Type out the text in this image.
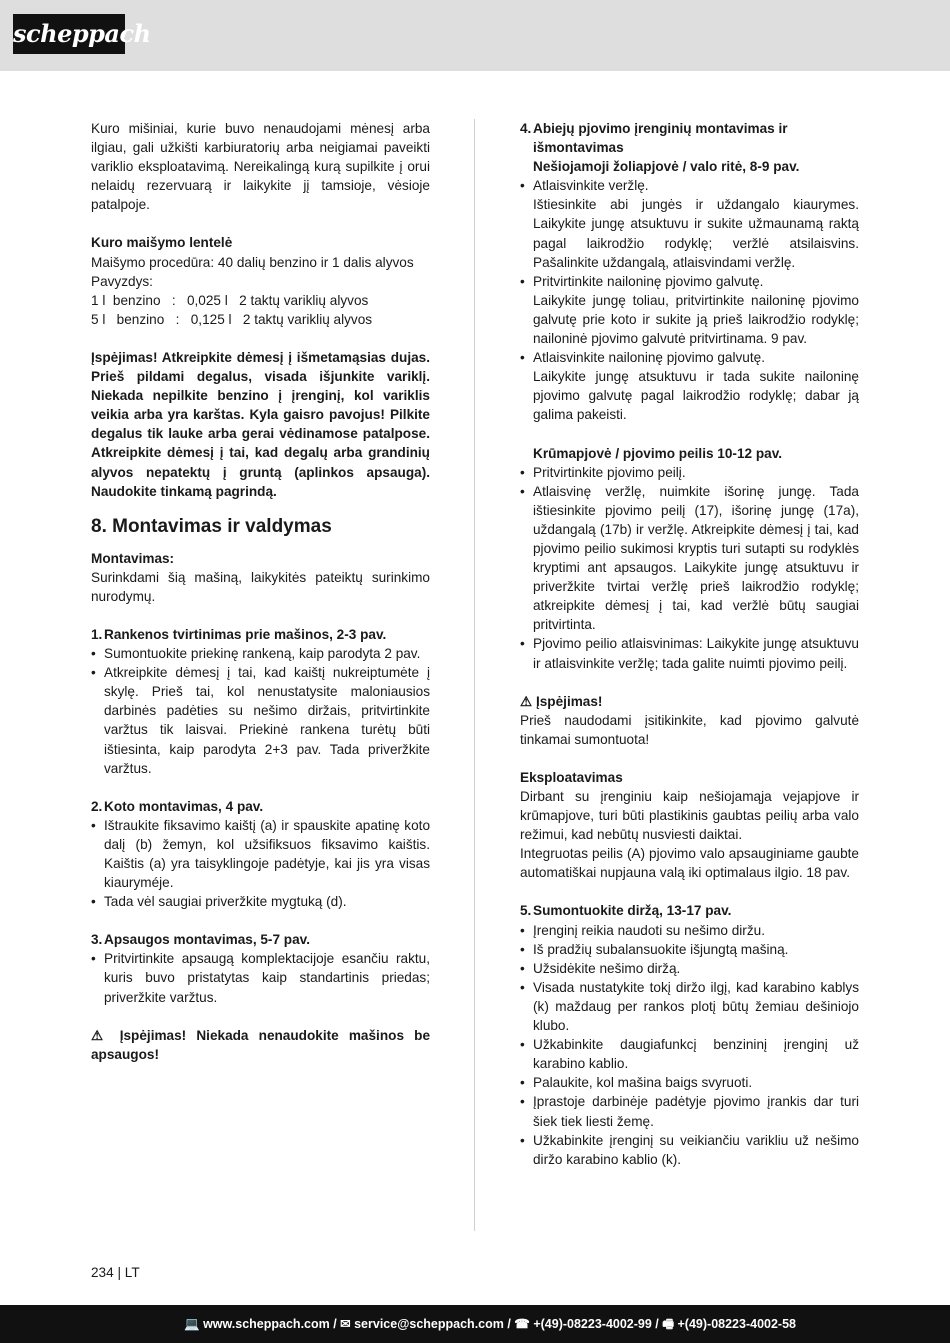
scheppach

Kuro mišiniai, kurie buvo nenaudojami mėnesį arba ilgiau, gali užkišti karbiuratorių arba neigiamai paveikti variklio eksploatavimą. Nereikalingą kurą supilkite į orui nelaidų rezervuarą ir laikykite jį tamsioje, vėsioje patalpoje.

Kuro maišymo lentelė

Maišymo procedūra: 40 dalių benzino ir 1 dalis alyvos

Pavyzdys:

1 l  benzino   :   0,025 l   2 taktų variklių alyvos

5 l   benzino   :   0,125 l   2 taktų variklių alyvos

Įspėjimas! Atkreipkite dėmesį į išmetamąsias dujas. Prieš pildami degalus, visada išjunkite variklį. Niekada nepilkite benzino į įrenginį, kol variklis veikia arba yra karštas. Kyla gaisro pavojus! Pilkite degalus tik lauke arba gerai vėdinamose patalpose. Atkreipkite dėmesį į tai, kad degalų arba grandinių alyvos nepatektų į gruntą (aplinkos apsauga). Naudokite tinkamą pagrindą.

8. Montavimas ir valdymas

Montavimas:

Surinkdami šią mašiną, laikykitės pateiktų surinkimo nurodymų.

1. Rankenos tvirtinimas prie mašinos, 2-3 pav.
• Sumontuokite priekinę rankeną, kaip parodyta 2 pav.
• Atkreipkite dėmesį į tai, kad kaištį nukreiptumėte į skylę. Prieš tai, kol nenustatysite maloniausios darbinės padėties su nešimo diržais, pritvirtinkite varžtus tik laisvai. Priekinė rankena turėtų būti ištiesinta, kaip parodyta 2+3 pav. Tada priveržkite varžtus.
2. Koto montavimas, 4 pav.
• Ištraukite fiksavimo kaištį (a) ir spauskite apatinę koto dalį (b) žemyn, kol užsifiksuos fiksavimo kaištis. Kaištis (a) yra taisyklingoje padėtyje, kai jis yra visas kiauryméje.
• Tada vėl saugiai priveržkite mygtuką (d).
3. Apsaugos montavimas, 5-7 pav.
• Pritvirtinkite apsaugą komplektacijoje esančiu raktu, kuris buvo pristatytas kaip standartinis priedas; priveržkite varžtus.

⚠ Įspėjimas! Niekada nenaudokite mašinos be apsaugos!

4. Abiejų pjovimo įrenginių montavimas ir išmontavimas

Nešiojamoji žoliapjovė / valo ritė, 8-9 pav.

• Atlaisvinkite veržlę.

Ištiesinkite abi jungės ir uždangalo kiaurymes. Laikykite jungę atsuktuvu ir sukite užmaunamą raktą pagal laikrodžio rodyklę; veržlė atsilaisvins. Pašalinkite uždangalą, atlaisvindami veržlę.

• Pritvirtinkite nailoninę pjovimo galvutę.

Laikykite jungę toliau, pritvirtinkite nailoninę pjovimo galvutę prie koto ir sukite ją prieš laikrodžio rodyklę; nailoninė pjovimo galvutė pritvirtinama. 9 pav.

• Atlaisvinkite nailoninę pjovimo galvutę.

Laikykite jungę atsuktuvu ir tada sukite nailoninę pjovimo galvutę pagal laikrodžio rodyklę; dabar ją galima pakeisti.

Krūmapjovė / pjovimo peilis 10-12 pav.

• Pritvirtinkite pjovimo peilį.
• Atlaisvinę veržlę, nuimkite išorinę jungę. Tada ištiesinkite pjovimo peilį (17), išorinę jungę (17a), uždangalą (17b) ir veržlę. Atkreipkite dėmesį į tai, kad pjovimo peilio sukimosi kryptis turi sutapti su rodyklės kryptimi ant apsaugos. Laikykite jungę atsuktuvu ir priveržkite tvirtai veržlę prieš laikrodžio rodyklę; atkreipkite dėmesį į tai, kad veržlė būtų saugiai pritvirtinta.
• Pjovimo peilio atlaisvinimas: Laikykite jungę atsuktuvu ir atlaisvinkite veržlę; tada galite nuimti pjovimo peilį.

⚠ Įspėjimas!

Prieš naudodami įsitikinkite, kad pjovimo galvutė tinkamai sumontuota!

Eksploatavimas

Dirbant su įrenginiu kaip nešiojamąja vejapjove ir krūmapjove, turi būti plastikinis gaubtas peilių arba valo režimui, kad nebūtų nusviesti daiktai.

Integruotas peilis (A) pjovimo valo apsauginiame gaubte automatiškai nupjauna valą iki optimalaus ilgio. 18 pav.

5. Sumontuokite diržą, 13-17 pav.
• Įrenginį reikia naudoti su nešimo diržu.
• Iš pradžių subalansuokite išjungtą mašiną.
• Užsidėkite nešimo diržą.
• Visada nustatykite tokį diržo ilgį, kad karabino kablys (k) maždaug per rankos plotį būtų žemiau dešiniojo klubo.
• Užkabinkite daugiafunkcį benzininį įrenginį už karabino kablio.
• Palaukite, kol mašina baigs svyruoti.
• Įprastoje darbinėje padėtyje pjovimo įrankis dar turi šiek tiek liesti žemę.
• Užkabinkite įrenginį su veikiančiu varikliu už nešimo diržo karabino kablio (k).
234 | LT
💻 www.scheppach.com / ✉ service@scheppach.com / ☎ +(49)-08223-4002-99 / 🖷 +(49)-08223-4002-58
